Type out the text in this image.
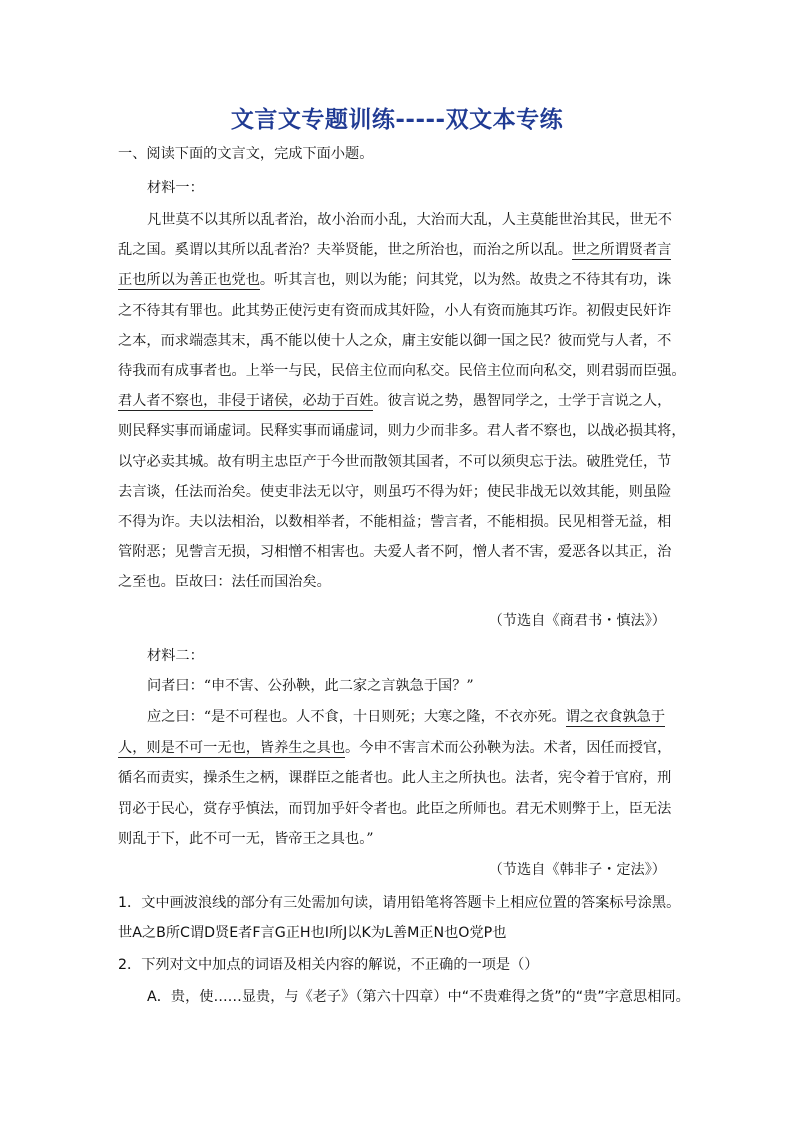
文言文专题训练-----双文本专练
一、阅读下面的文言文，完成下面小题。
材料一：
凡世莫不以其所以乱者治，故小治而小乱，大治而大乱，人主莫能世治其民，世无不
乱之国。奚谓以其所以乱者治？夫举贤能，世之所治也，而治之所以乱。世之所谓贤者言
正也所以为善正也党也。听其言也，则以为能；问其党，以为然。故贵之不待其有功，诛
之不待其有罪也。此其势正使污吏有资而成其奸险，小人有资而施其巧诈。初假吏民奸诈
之本，而求端悫其末，禹不能以使十人之众，庸主安能以御一国之民？彼而党与人者，不
待我而有成事者也。上举一与民，民倍主位而向私交。民倍主位而向私交，则君弱而臣强。
君人者不察也，非侵于诸侯，必劫于百姓。彼言说之势，愚智同学之，士学于言说之人，
则民释实事而诵虚词。民释实事而诵虚词，则力少而非多。君人者不察也，以战必损其将，
以守必卖其城。故有明主忠臣产于今世而散领其国者，不可以须臾忘于法。破胜党任，节
去言谈，任法而治矣。使吏非法无以守，则虽巧不得为奸；使民非战无以效其能，则虽险
不得为诈。夫以法相治，以数相举者，不能相益；訾言者，不能相损。民见相誉无益，相
管附恶；见訾言无损，习相憎不相害也。夫爱人者不阿，憎人者不害，爱恶各以其正，治
之至也。臣故曰：法任而国治矣。
（节选自《商君书・慎法》）
材料二：
问者曰：“申不害、公孙鞅，此二家之言孰急于国？”
应之曰：“是不可程也。人不食，十日则死；大寒之隆，不衣亦死。谓之衣食孰急于
人，则是不可一无也，皆养生之具也。今申不害言术而公孙鞅为法。术者，因任而授官，
循名而责实，操杀生之柄，课群臣之能者也。此人主之所执也。法者，宪令着于官府，刑
罚必于民心，赏存乎慎法，而罚加乎奸令者也。此臣之所师也。君无术则弊于上，臣无法
则乱于下，此不可一无，皆帝王之具也。”
（节选自《韩非子・定法》）
1．文中画波浪线的部分有三处需加句读，请用铅笔将答题卡上相应位置的答案标号涂黑。
世A之B所C谓D贤E者F言G正H也I所J以K为L善M正N也O党P也
2．下列对文中加点的词语及相关内容的解说，不正确的一项是（）
A．贵，使……显贵，与《老子》（第六十四章）中“不贵难得之货”的“贵”字意思相同。
